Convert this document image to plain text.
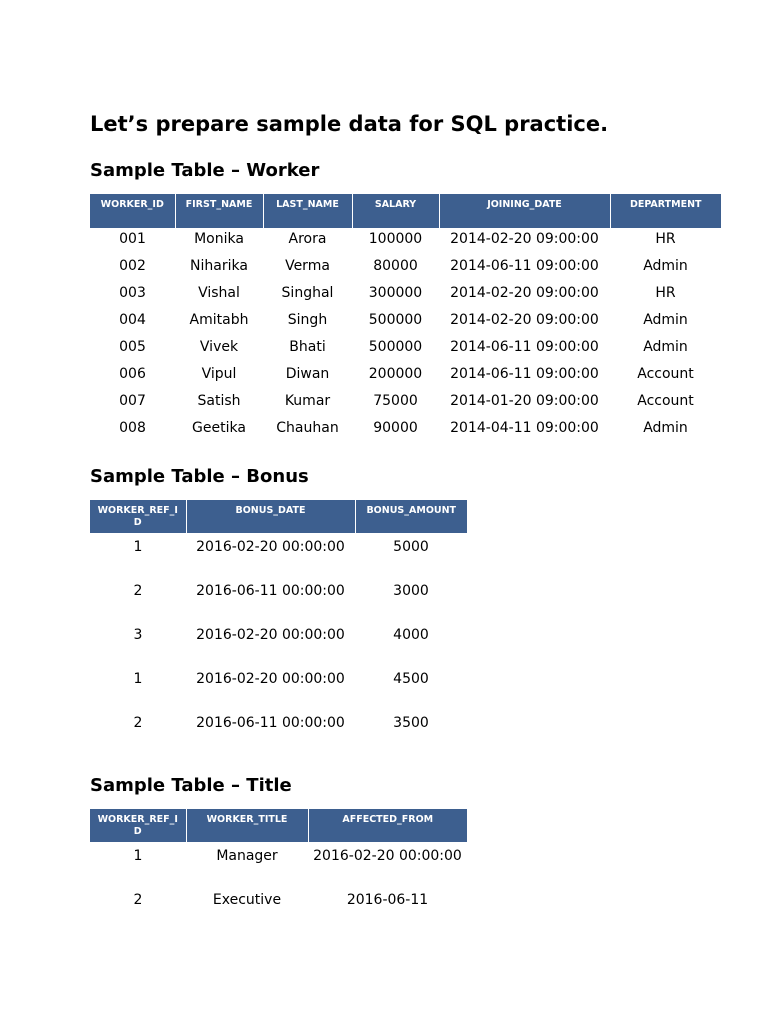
Let’s prepare sample data for SQL practice.
Sample Table – Worker
WORKER_ID	FIRST_NAME	LAST_NAME	SALARY	JOINING_DATE	DEPARTMENT
001	Monika	Arora	100000	2014-02-20 09:00:00	HR
002	Niharika	Verma	80000	2014-06-11 09:00:00	Admin
003	Vishal	Singhal	300000	2014-02-20 09:00:00	HR
004	Amitabh	Singh	500000	2014-02-20 09:00:00	Admin
005	Vivek	Bhati	500000	2014-06-11 09:00:00	Admin
006	Vipul	Diwan	200000	2014-06-11 09:00:00	Account
007	Satish	Kumar	75000	2014-01-20 09:00:00	Account
008	Geetika	Chauhan	90000	2014-04-11 09:00:00	Admin
Sample Table – Bonus
WORKER_REF_ID	BONUS_DATE	BONUS_AMOUNT
1	2016-02-20 00:00:00	5000
2	2016-06-11 00:00:00	3000
3	2016-02-20 00:00:00	4000
1	2016-02-20 00:00:00	4500
2	2016-06-11 00:00:00	3500
Sample Table – Title
WORKER_REF_ID	WORKER_TITLE	AFFECTED_FROM
1	Manager	2016-02-20 00:00:00
2	Executive	2016-06-11
